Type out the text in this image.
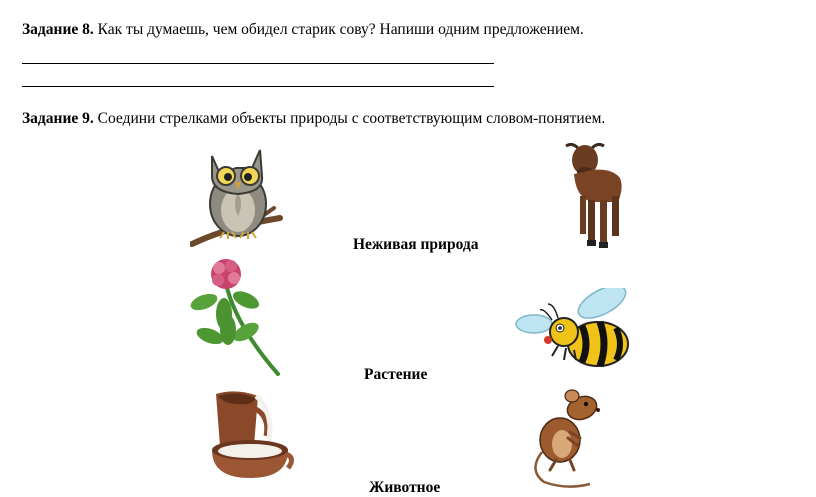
Задание 8. Как ты думаешь, чем обидел старик сову? Напиши одним предложением.
Задание 9. Соедини стрелками объекты природы с соответствующим словом-понятием.
Неживая природа
Растение
Животное
